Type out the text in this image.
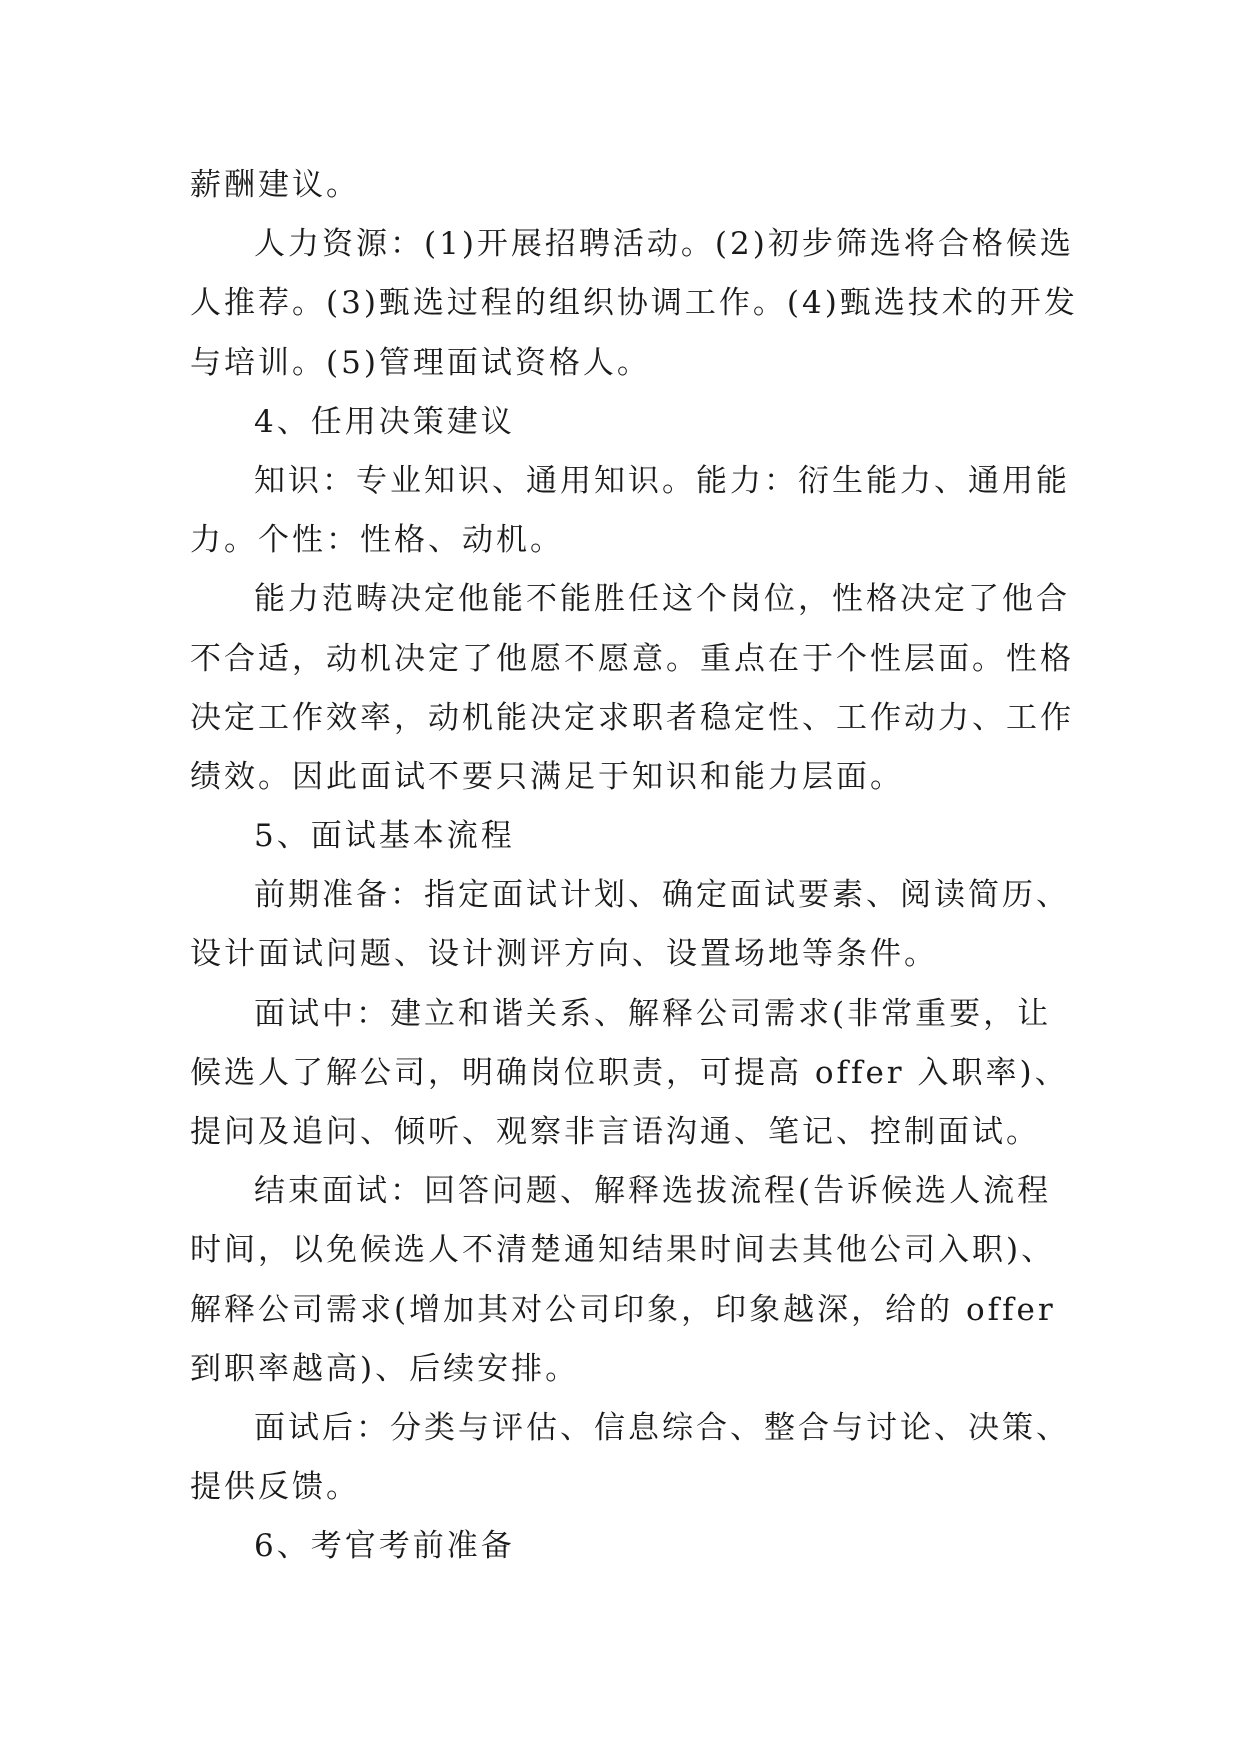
薪酬建议。
人力资源：(1)开展招聘活动。(2)初步筛选将合格候选
人推荐。(3)甄选过程的组织协调工作。(4)甄选技术的开发
与培训。(5)管理面试资格人。
4、任用决策建议
知识：专业知识、通用知识。能力：衍生能力、通用能
力。个性：性格、动机。
能力范畴决定他能不能胜任这个岗位，性格决定了他合
不合适，动机决定了他愿不愿意。重点在于个性层面。性格
决定工作效率，动机能决定求职者稳定性、工作动力、工作
绩效。因此面试不要只满足于知识和能力层面。
5、面试基本流程
前期准备：指定面试计划、确定面试要素、阅读简历、
设计面试问题、设计测评方向、设置场地等条件。
面试中：建立和谐关系、解释公司需求(非常重要，让
候选人了解公司，明确岗位职责，可提高 offer 入职率)、
提问及追问、倾听、观察非言语沟通、笔记、控制面试。
结束面试：回答问题、解释选拔流程(告诉候选人流程
时间，以免候选人不清楚通知结果时间去其他公司入职)、
解释公司需求(增加其对公司印象，印象越深，给的 offer
到职率越高)、后续安排。
面试后：分类与评估、信息综合、整合与讨论、决策、
提供反馈。
6、考官考前准备
